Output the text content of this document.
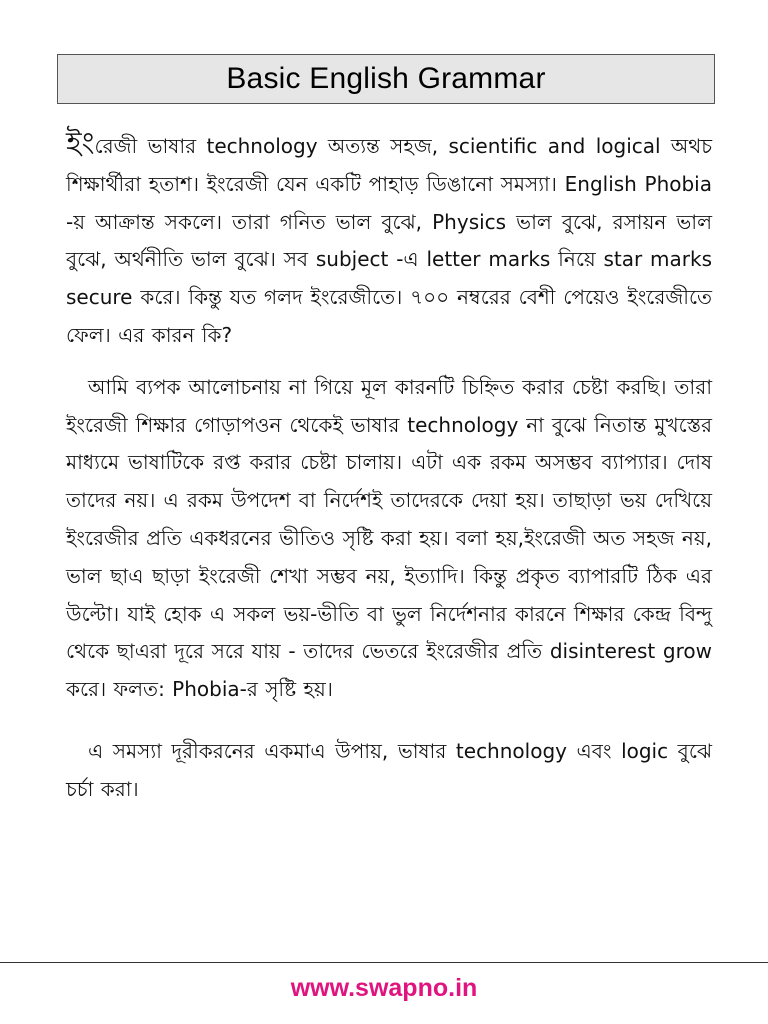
Basic English Grammar

ইংরেজী ভাষার technology অত্যন্ত সহজ, scientific and logical অথচ শিক্ষার্থীরা হতাশ। ইংরেজী যেন একটি পাহাড় ডিঙানো সমস্যা। English Phobia -য় আক্রান্ত সকলে। তারা গনিত ভাল বুঝে, Physics ভাল বুঝে, রসায়ন ভাল বুঝে, অর্থনীতি ভাল বুঝে। সব subject -এ letter marks নিয়ে star marks secure করে। কিন্তু যত গলদ ইংরেজীতে। ৭০০ নম্বরের বেশী পেয়েও ইংরেজীতে ফেল। এর কারন কি?

আমি ব্যপক আলোচনায় না গিয়ে মূল কারনটি চিহ্নিত করার চেষ্টা করছি। তারা ইংরেজী শিক্ষার গোড়াপওন থেকেই ভাষার technology না বুঝে নিতান্ত মুখস্তের মাধ্যমে ভাষাটিকে রপ্ত করার চেষ্টা চালায়। এটা এক রকম অসম্ভব ব্যাপ্যার। দোষ তাদের নয়। এ রকম উপদেশ বা নির্দেশই তাদেরকে দেয়া হয়। তাছাড়া ভয় দেখিয়ে ইংরেজীর প্রতি একধরনের ভীতিও সৃষ্টি করা হয়। বলা হয়,ইংরেজী অত সহজ নয়, ভাল ছাএ ছাড়া ইংরেজী শেখা সম্ভব নয়, ইত্যাদি। কিন্তু প্রকৃত ব্যাপারটি ঠিক এর উল্টো। যাই হোক এ সকল ভয়-ভীতি বা ভুল নির্দেশনার কারনে শিক্ষার কেন্দ্র বিন্দু থেকে ছাএরা দূরে সরে যায় - তাদের ভেতরে ইংরেজীর প্রতি disinterest grow করে। ফলত: Phobia-র সৃষ্টি হয়।

এ সমস্যা দূরীকরনের একমাএ উপায়, ভাষার technology এবং logic বুঝে চর্চা করা।

www.swapno.in
